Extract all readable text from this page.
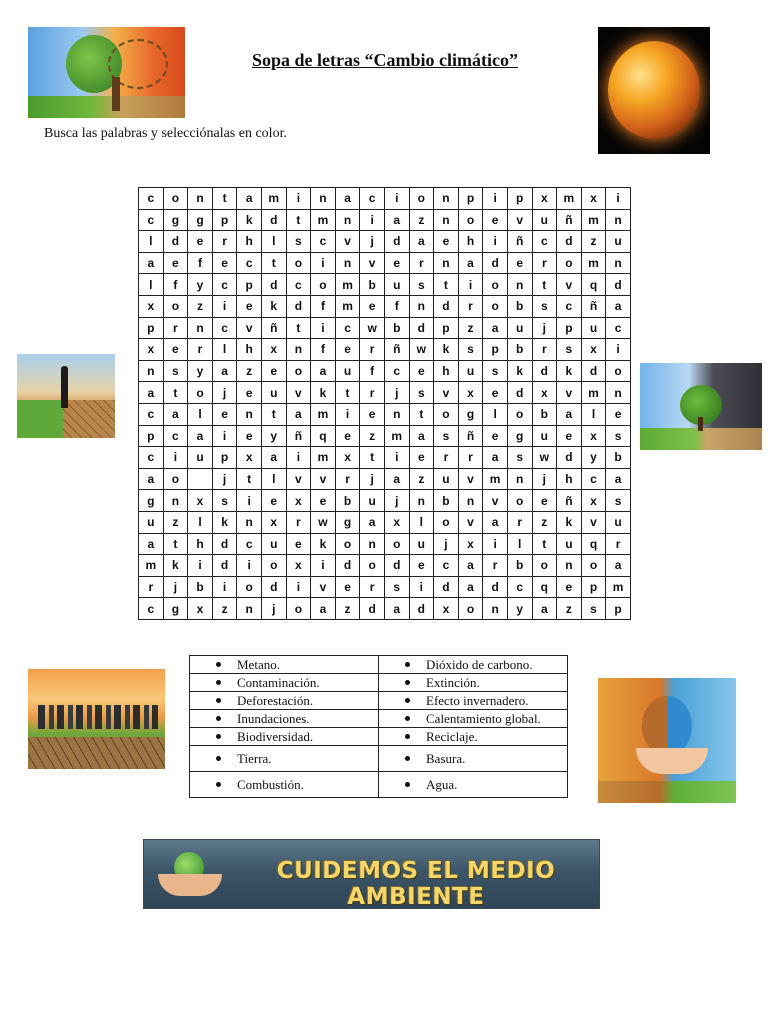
Sopa de letras “Cambio climático”

Busca las palabras y selecciónalas en color.

c	o	n	t	a	m	i	n	a	c	i	o	n	p	i	p	x	m	x	i
c	g	g	p	k	d	t	m	n	i	a	z	n	o	e	v	u	ñ	m	n
l	d	e	r	h	l	s	c	v	j	d	a	e	h	i	ñ	c	d	z	u
a	e	f	e	c	t	o	i	n	v	e	r	n	a	d	e	r	o	m	n
l	f	y	c	p	d	c	o	m	b	u	s	t	i	o	n	t	v	q	d
x	o	z	i	e	k	d	f	m	e	f	n	d	r	o	b	s	c	ñ	a
p	r	n	c	v	ñ	t	i	c	w	b	d	p	z	a	u	j	p	u	c
x	e	r	l	h	x	n	f	e	r	ñ	w	k	s	p	b	r	s	x	i
n	s	y	a	z	e	o	a	u	f	c	e	h	u	s	k	d	k	d	o
a	t	o	j	e	u	v	k	t	r	j	s	v	x	e	d	x	v	m	n
c	a	l	e	n	t	a	m	i	e	n	t	o	g	l	o	b	a	l	e
p	c	a	i	e	y	ñ	q	e	z	m	a	s	ñ	e	g	u	e	x	s
c	i	u	p	x	a	i	m	x	t	i	e	r	r	a	s	w	d	y	b
a	o		j	t	l	v	v	r	j	a	z	u	v	m	n	j	h	c	a
g	n	x	s	i	e	x	e	b	u	j	n	b	n	v	o	e	ñ	x	s
u	z	l	k	n	x	r	w	g	a	x	l	o	v	a	r	z	k	v	u
a	t	h	d	c	u	e	k	o	n	o	u	j	x	i	l	t	u	q	r
m	k	i	d	i	o	x	i	d	o	d	e	c	a	r	b	o	n	o	a
r	j	b	i	o	d	i	v	e	r	s	i	d	a	d	c	q	e	p	m
c	g	x	z	n	j	o	a	z	d	a	d	x	o	n	y	a	z	s	p
Metano.	Dióxido de carbono.
Contaminación.	Extinción.
Deforestación.	Efecto invernadero.
Inundaciones.	Calentamiento global.
Biodiversidad.	Reciclaje.
Tierra.	Basura.
Combustión.	Agua.
CUIDEMOS EL MEDIO AMBIENTE
